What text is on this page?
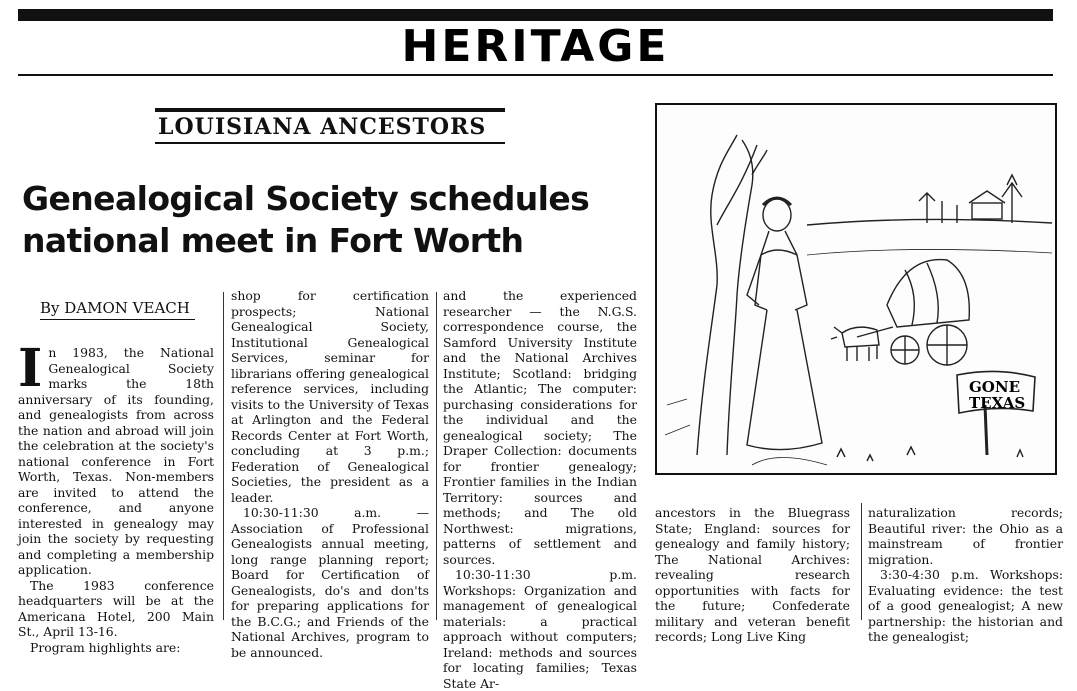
HERITAGE
LOUISIANA ANCESTORS
Genealogical Society schedules national meet in Fort Worth
By DAMON VEACH

In 1983, the National Genealogical Society marks the 18th anniversary of its founding, and genealogists from across the nation and abroad will join the celebration at the society's national conference in Fort Worth, Texas. Non-members are invited to attend the conference, and anyone interested in genealogy may join the society by requesting and completing a membership application.

The 1983 conference headquarters will be at the Americana Hotel, 200 Main St., April 13-16.

Program highlights are:

shop for certification prospects; National Genealogical Society, Institutional Genealogical Services, seminar for librarians offering genealogical reference services, including visits to the University of Texas at Arlington and the Federal Records Center at Fort Worth, concluding at 3 p.m.; Federation of Genealogical Societies, the president as a leader.

10:30-11:30 a.m. — Association of Professional Genealogists annual meeting, long range planning report; Board for Certification of Genealogists, do's and don'ts for preparing applications for the B.C.G.; and Friends of the National Archives, program to be announced.

and the experienced researcher — the N.G.S. correspondence course, the Samford University Institute and the National Archives Institute; Scotland: bridging the Atlantic; The computer: purchasing considerations for the individual and the genealogical society; The Draper Collection: documents for frontier genealogy; Frontier families in the Indian Territory: sources and methods; and The old Northwest: migrations, patterns of settlement and sources.

10:30-11:30 p.m. Workshops: Organization and management of genealogical materials: a practical approach without computers; Ireland: methods and sources for locating families; Texas State Ar-

GONE
TEXAS

ancestors in the Bluegrass State; England: sources for genealogy and family history; The National Archives: revealing research opportunities with facts for the future; Confederate military and veteran benefit records; Long Live King

naturalization records; Beautiful river: the Ohio as a mainstream of frontier migration.

3:30-4:30 p.m. Workshops: Evaluating evidence: the test of a good genealogist; A new partnership: the historian and the genealogist;
